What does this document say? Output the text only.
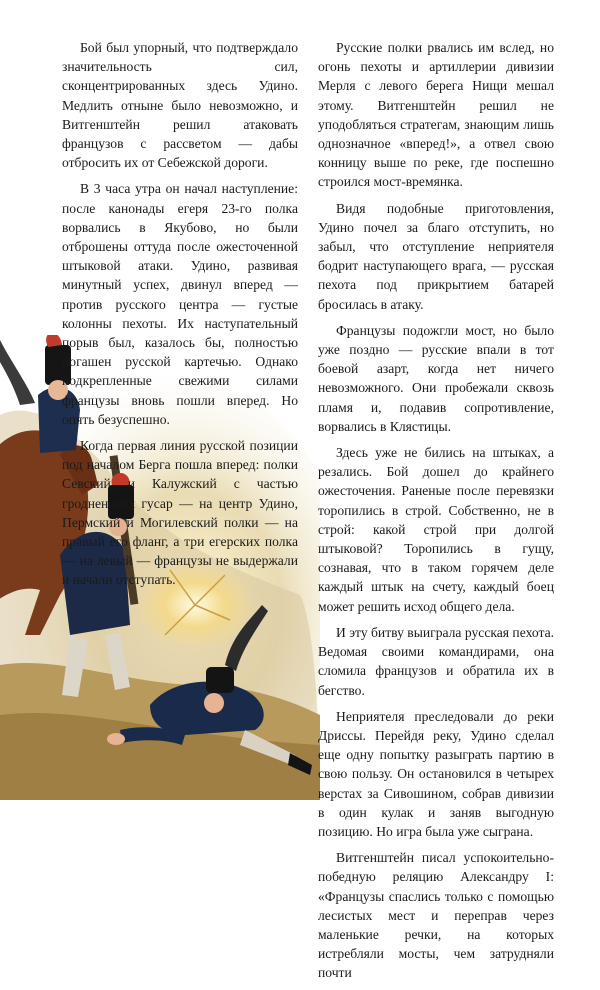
Бой был упорный, что подтверждало значительность сил, сконцентрированных здесь Удино. Медлить отныне было невозможно, и Витгенштейн решил атаковать французов с рассветом — дабы отбросить их от Себежской дороги.

В 3 часа утра он начал наступление: после канонады егеря 23-го полка ворвались в Якубово, но были отброшены оттуда после ожесточенной штыковой атаки. Удино, развивая минутный успех, двинул вперед — против русского центра — густые колонны пехоты. Их наступательный порыв был, казалось бы, полностью погашен русской картечью. Однако подкрепленные свежими силами французы вновь пошли вперед. Но опять безуспешно.

Когда первая линия русской позиции под началом Берга пошла вперед: полки Севский и Калужский с частью гродненских гусар — на центр Удино, Пермский и Могилевский полки — на правый его фланг, а три егерских полка — на левый — французы не выдержали и начали отступать.

Русские полки рвались им вслед, но огонь пехоты и артиллерии дивизии Мерля с левого берега Нищи мешал этому. Витгенштейн решил не уподобляться стратегам, знающим лишь однозначное «вперед!», а отвел свою конницу выше по реке, где поспешно строился мост-времянка.

Видя подобные приготовления, Удино почел за благо отступить, но забыл, что отступление неприятеля бодрит наступающего врага, — русская пехота под прикрытием батарей бросилась в атаку.

Французы подожгли мост, но было уже поздно — русские впали в тот боевой азарт, когда нет ничего невозможного. Они пробежали сквозь пламя и, подавив сопротивление, ворвались в Клястицы.

Здесь уже не бились на штыках, а резались. Бой дошел до крайнего ожесточения. Раненые после перевязки торопились в строй. Собственно, не в строй: какой строй при долгой штыковой? Торопились в гущу, сознавая, что в таком горячем деле каждый штык на счету, каждый боец может решить исход общего дела.

И эту битву выиграла русская пехота. Ведомая своими командирами, она сломила французов и обратила их в бегство.

Неприятеля преследовали до реки Дриссы. Перейдя реку, Удино сделал еще одну попытку разыграть партию в свою пользу. Он остановился в четырех верстах за Сивошином, собрав дивизии в один кулак и заняв выгодную позицию. Но игра была уже сыграна.

Витгенштейн писал успокоительно-победную реляцию Александру I: «Французы спаслись только с помощью лесистых мест и переправ через маленькие речки, на которых истребляли мосты, чем затрудняли почти
